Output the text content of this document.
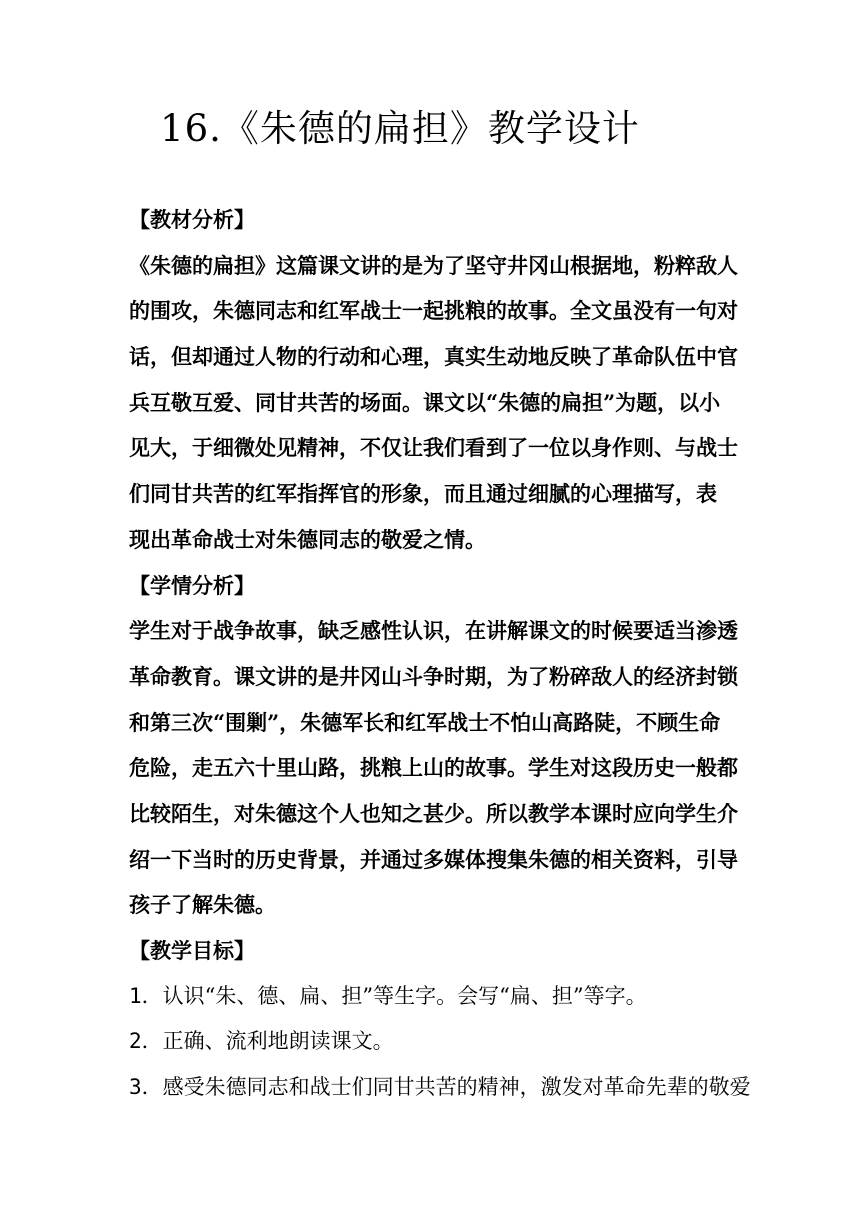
16.《朱德的扁担》教学设计
【教材分析】
《朱德的扁担》这篇课文讲的是为了坚守井冈山根据地，粉粹敌人
的围攻，朱德同志和红军战士一起挑粮的故事。全文虽没有一句对
话，但却通过人物的行动和心理，真实生动地反映了革命队伍中官
兵互敬互爱、同甘共苦的场面。课文以“朱德的扁担”为题，以小
见大，于细微处见精神，不仅让我们看到了一位以身作则、与战士
们同甘共苦的红军指挥官的形象，而且通过细腻的心理描写，表
现出革命战士对朱德同志的敬爱之情。
【学情分析】
学生对于战争故事，缺乏感性认识，在讲解课文的时候要适当渗透
革命教育。课文讲的是井冈山斗争时期，为了粉碎敌人的经济封锁
和第三次“围剿”，朱德军长和红军战士不怕山高路陡，不顾生命
危险，走五六十里山路，挑粮上山的故事。学生对这段历史一般都
比较陌生，对朱德这个人也知之甚少。所以教学本课时应向学生介
绍一下当时的历史背景，并通过多媒体搜集朱德的相关资料，引导
孩子了解朱德。
【教学目标】
1．认识“朱、德、扁、担”等生字。会写“扁、担”等字。
2．正确、流利地朗读课文。
3．感受朱德同志和战士们同甘共苦的精神，激发对革命先辈的敬爱
